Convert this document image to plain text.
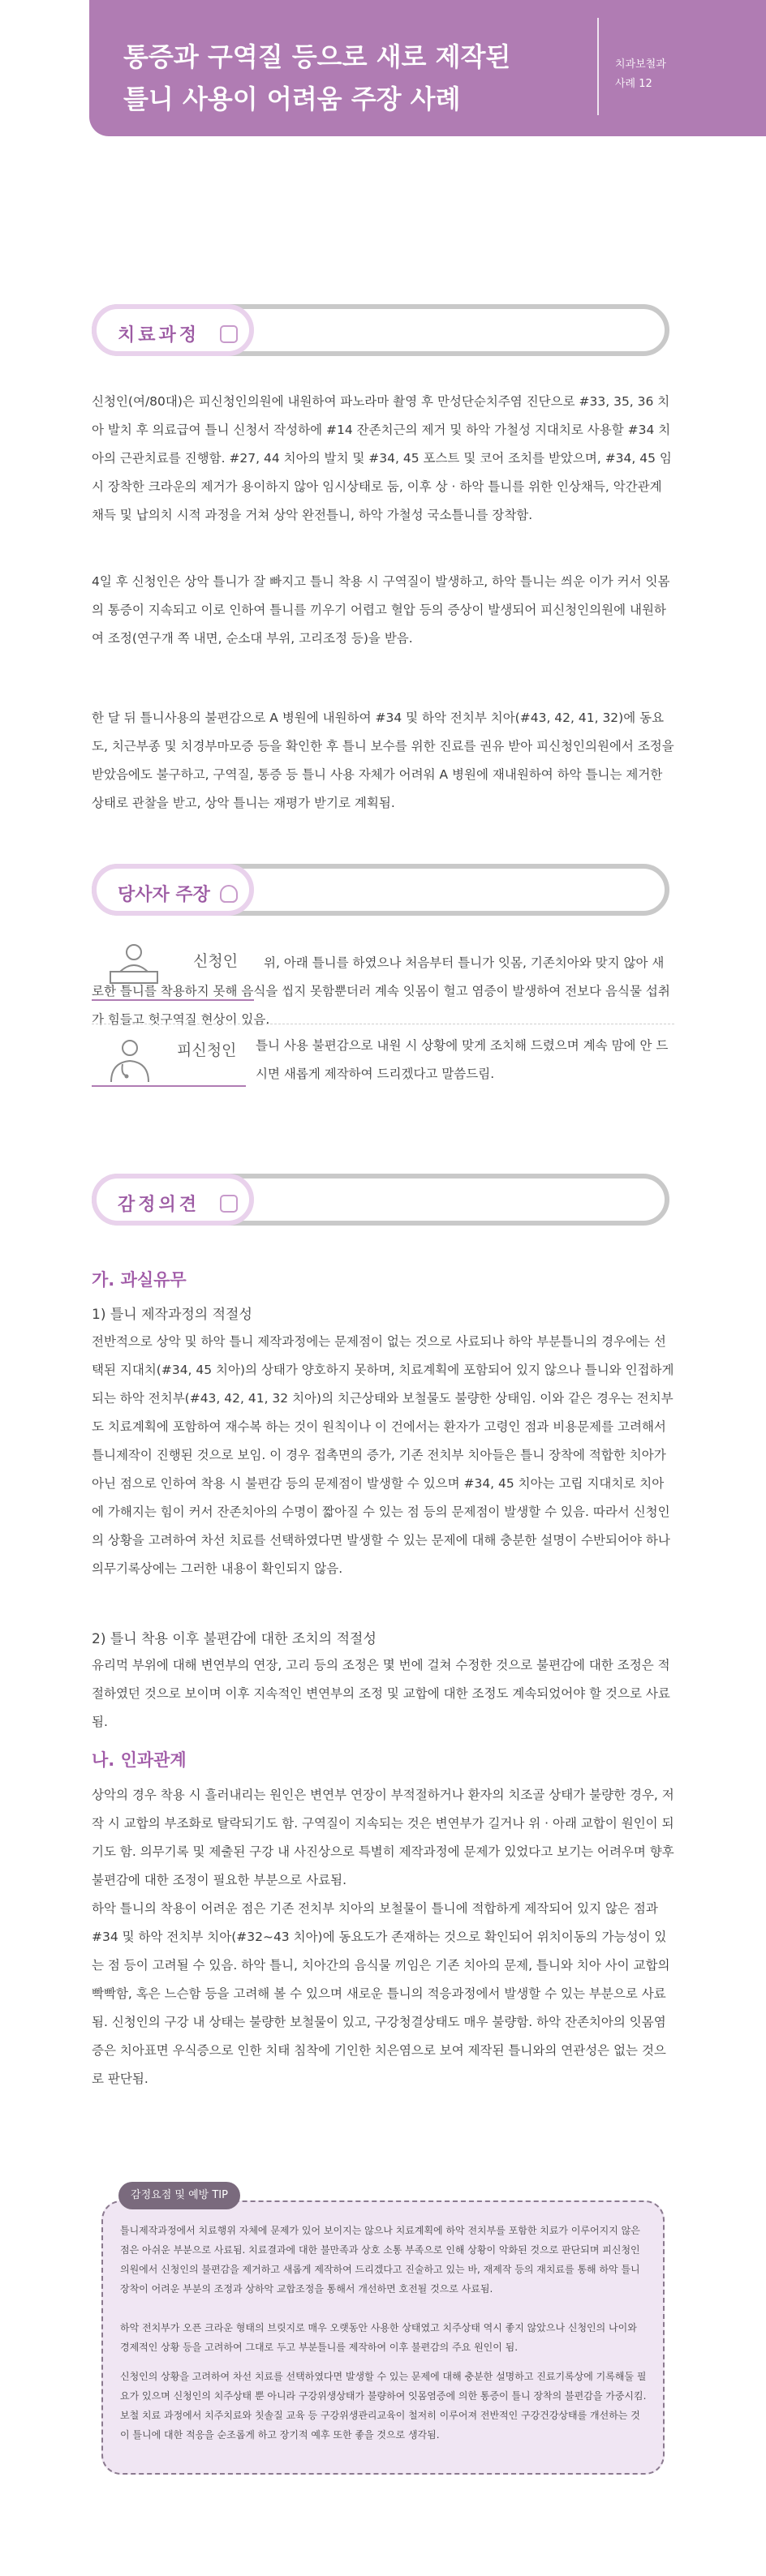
통증과 구역질 등으로 새로 제작된
틀니 사용이 어려움 주장 사례
치과보철과
사례 12
치료과정

신청인(여/80대)은 피신청인의원에 내원하여 파노라마 촬영 후 만성단순치주염 진단으로 #33, 35, 36 치아 발치 후 의료급여 틀니 신청서 작성하에 #14 잔존치근의 제거 및 하악 가철성 지대치로 사용할 #34 치아의 근관치료를 진행함. #27, 44 치아의 발치 및 #34, 45 포스트 및 코어 조치를 받았으며, #34, 45 임시 장착한 크라운의 제거가 용이하지 않아 임시상태로 둠, 이후 상 · 하악 틀니를 위한 인상채득, 악간관계 채득 및 납의치 시적 과정을 거쳐 상악 완전틀니, 하악 가철성 국소틀니를 장착함.

4일 후 신청인은 상악 틀니가 잘 빠지고 틀니 착용 시 구역질이 발생하고, 하악 틀니는 씌운 이가 커서 잇몸의 통증이 지속되고 이로 인하여 틀니를 끼우기 어렵고 혈압 등의 증상이 발생되어 피신청인의원에 내원하여 조정(연구개 쪽 내면, 순소대 부위, 고리조정 등)을 받음.

한 달 뒤 틀니사용의 불편감으로 A 병원에 내원하여 #34 및 하악 전치부 치아(#43, 42, 41, 32)에 동요도, 치근부종 및 치경부마모증 등을 확인한 후 틀니 보수를 위한 진료를 권유 받아 피신청인의원에서 조정을 받았음에도 불구하고, 구역질, 통증 등 틀니 사용 자체가 어려워 A 병원에 재내원하여 하악 틀니는 제거한 상태로 관찰을 받고, 상악 틀니는 재평가 받기로 계획됨.

당사자 주장
신청인	위, 아래 틀니를 하였으나 처음부터 틀니가 잇몸, 기존치아와 맞지 않아 새로한 틀니를 착용하지 못해 음식을 씹지 못함뿐더러 계속 잇몸이 헐고 염증이 발생하여 전보다 음식물 섭취가 힘들고 헛구역질 현상이 있음.

피신청인 틀니 사용 불편감으로 내원 시 상황에 맞게 조치해 드렸으며 계속 맘에 안 드시면 새롭게 제작하여 드리겠다고 말씀드림.

감정의견
가. 과실유무
1) 틀니 제작과정의 적절성

전반적으로 상악 및 하악 틀니 제작과정에는 문제점이 없는 것으로 사료되나 하악 부분틀니의 경우에는 선택된 지대치(#34, 45 치아)의 상태가 양호하지 못하며, 치료계획에 포함되어 있지 않으나 틀니와 인접하게 되는 하악 전치부(#43, 42, 41, 32 치아)의 치근상태와 보철물도 불량한 상태임. 이와 같은 경우는 전치부도 치료계획에 포함하여 재수복 하는 것이 원칙이나 이 건에서는 환자가 고령인 점과 비용문제를 고려해서 틀니제작이 진행된 것으로 보임. 이 경우 접촉면의 증가, 기존 전치부 치아들은 틀니 장착에 적합한 치아가 아닌 점으로 인하여 착용 시 불편감 등의 문제점이 발생할 수 있으며 #34, 45 치아는 고립 지대치로 치아에 가해지는 힘이 커서 잔존치아의 수명이 짧아질 수 있는 점 등의 문제점이 발생할 수 있음. 따라서 신청인의 상황을 고려하여 차선 치료를 선택하였다면 발생할 수 있는 문제에 대해 충분한 설명이 수반되어야 하나 의무기록상에는 그러한 내용이 확인되지 않음.

2) 틀니 착용 이후 불편감에 대한 조치의 적절성

유리먹 부위에 대해 변연부의 연장, 고리 등의 조정은 몇 번에 걸쳐 수정한 것으로 불편감에 대한 조정은 적절하였던 것으로 보이며 이후 지속적인 변연부의 조정 및 교합에 대한 조정도 계속되었어야 할 것으로 사료됨.

나. 인과관계

상악의 경우 착용 시 흘러내리는 원인은 변연부 연장이 부적절하거나 환자의 치조골 상태가 불량한 경우, 저작 시 교합의 부조화로 탈락되기도 함. 구역질이 지속되는 것은 변연부가 길거나 위 · 아래 교합이 원인이 되기도 함. 의무기록 및 제출된 구강 내 사진상으로 특별히 제작과정에 문제가 있었다고 보기는 어려우며 향후 불편감에 대한 조정이 필요한 부분으로 사료됨.
하악 틀니의 착용이 어려운 점은 기존 전치부 치아의 보철물이 틀니에 적합하게 제작되어 있지 않은 점과 #34 및 하악 전치부 치아(#32~43 치아)에 동요도가 존재하는 것으로 확인되어 위치이동의 가능성이 있는 점 등이 고려될 수 있음. 하악 틀니, 치아간의 음식물 끼임은 기존 치아의 문제, 틀니와 치아 사이 교합의 빡빡함, 혹은 느슨함 등을 고려해 볼 수 있으며 새로운 틀니의 적응과정에서 발생할 수 있는 부분으로 사료됨. 신청인의 구강 내 상태는 불량한 보철물이 있고, 구강청결상태도 매우 불량함. 하악 잔존치아의 잇몸염증은 치아표면 우식증으로 인한 치태 침착에 기인한 치은염으로 보여 제작된 틀니와의 연관성은 없는 것으로 판단됨.

감정요점 및 예방 TIP

틀니제작과정에서 치료행위 자체에 문제가 있어 보이지는 않으나 치료계획에 하악 전치부를 포함한 치료가 이루어지지 않은 점은 아쉬운 부분으로 사료됨. 치료결과에 대한 불만족과 상호 소통 부족으로 인해 상황이 악화된 것으로 판단되며 피신청인의원에서 신청인의 불편감을 제거하고 새롭게 제작하여 드리겠다고 진술하고 있는 바, 재제작 등의 재치료를 통해 하악 틀니 장착이 어려운 부분의 조정과 상하악 교합조정을 통해서 개선하면 호전될 것으로 사료됨.

하악 전치부가 오픈 크라운 형태의 브릿지로 매우 오랫동안 사용한 상태였고 치주상태 역시 좋지 않았으나 신청인의 나이와 경제적인 상황 등을 고려하여 그대로 두고 부분틀니를 제작하여 이후 불편감의 주요 원인이 됨.

신청인의 상황을 고려하여 차선 치료를 선택하였다면 발생할 수 있는 문제에 대해 충분한 설명하고 진료기록상에 기록해둘 필요가 있으며 신청인의 치주상태 뿐 아니라 구강위생상태가 불량하여 잇몸염증에 의한 통증이 틀니 장착의 불편감을 가중시킴. 보철 치료 과정에서 치주치료와 칫솔질 교육 등 구강위생관리교육이 철저히 이루어져 전반적인 구강건강상태를 개선하는 것이 틀니에 대한 적응을 순조롭게 하고 장기적 예후 또한 좋을 것으로 생각됨.
